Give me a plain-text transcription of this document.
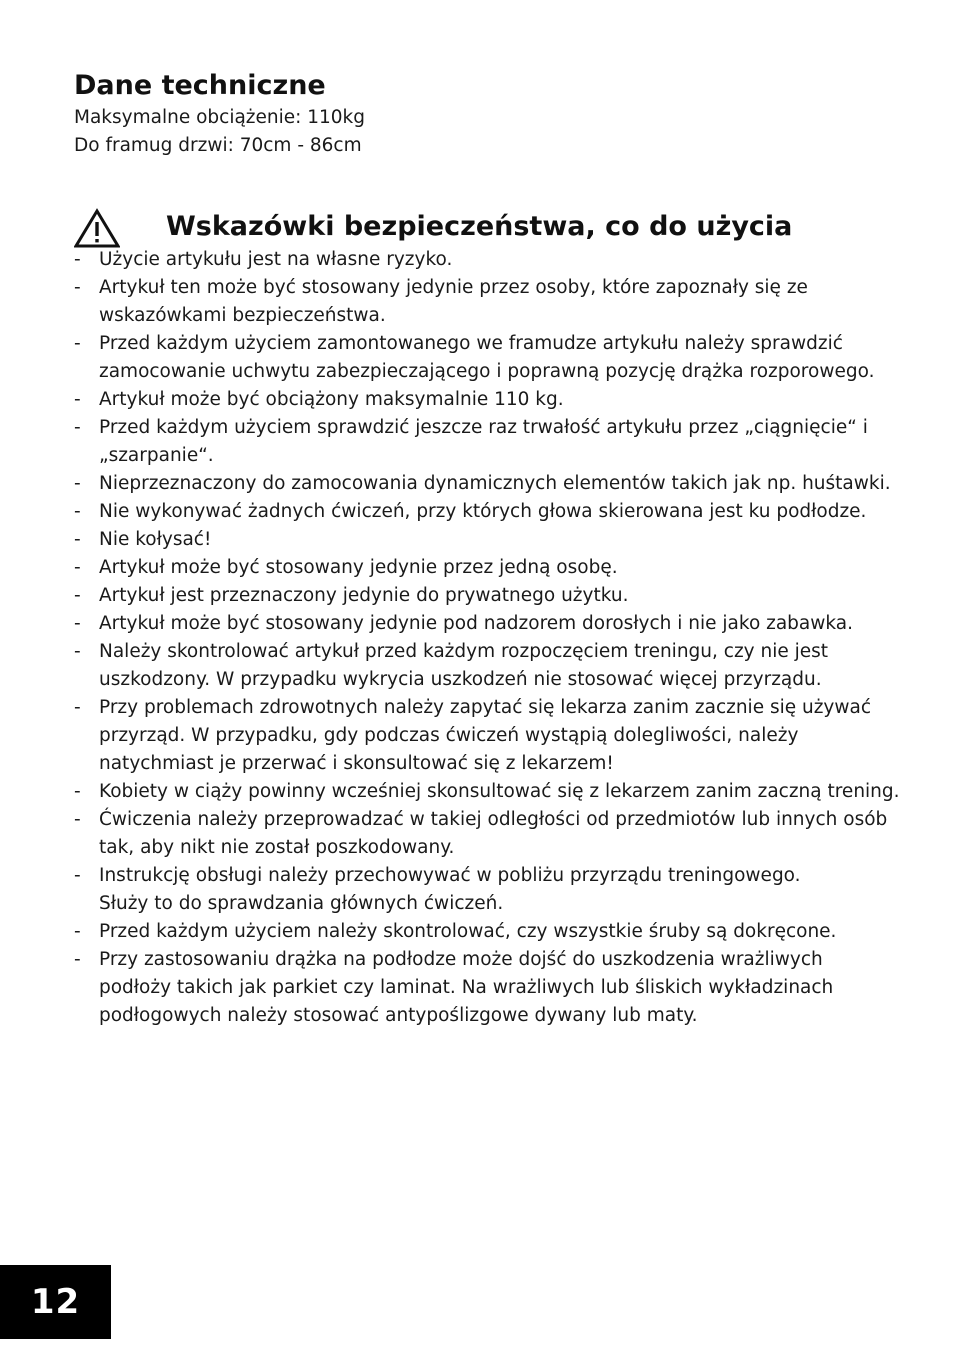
Dane techniczne
Maksymalne obciążenie: 110kg
Do framug drzwi: 70cm - 86cm
Wskazówki bezpieczeństwa, co do użycia
- Użycie artykułu jest na własne ryzyko.
- Artykuł ten może być stosowany jedynie przez osoby, które zapoznały się ze
wskazówkami bezpieczeństwa.
- Przed każdym użyciem zamontowanego we framudze artykułu należy sprawdzić
zamocowanie uchwytu zabezpieczającego i poprawną pozycję drążka rozporowego.
- Artykuł może być obciążony maksymalnie 110 kg.
- Przed każdym użyciem sprawdzić jeszcze raz trwałość artykułu przez „ciągnięcie“ i
„szarpanie“.
- Nieprzeznaczony do zamocowania dynamicznych elementów takich jak np. huśtawki.
- Nie wykonywać żadnych ćwiczeń, przy których głowa skierowana jest ku podłodze.
- Nie kołysać!
- Artykuł może być stosowany jedynie przez jedną osobę.
- Artykuł jest przeznaczony jedynie do prywatnego użytku.
- Artykuł może być stosowany jedynie pod nadzorem dorosłych i nie jako zabawka.
- Należy skontrolować artykuł przed każdym rozpoczęciem treningu, czy nie jest
uszkodzony. W przypadku wykrycia uszkodzeń nie stosować więcej przyrządu.
- Przy problemach zdrowotnych należy zapytać się lekarza zanim zacznie się używać
przyrząd. W przypadku, gdy podczas ćwiczeń wystąpią dolegliwości, należy
natychmiast je przerwać i skonsultować się z lekarzem!
- Kobiety w ciąży powinny wcześniej skonsultować się z lekarzem zanim zaczną trening.
- Ćwiczenia należy przeprowadzać w takiej odległości od przedmiotów lub innych osób
tak, aby nikt nie został poszkodowany.
- Instrukcję obsługi należy przechowywać w pobliżu przyrządu treningowego.
Służy to do sprawdzania głównych ćwiczeń.
- Przed każdym użyciem należy skontrolować, czy wszystkie śruby są dokręcone.
- Przy zastosowaniu drążka na podłodze może dojść do uszkodzenia wrażliwych
podłoży takich jak parkiet czy laminat. Na wrażliwych lub śliskich wykładzinach
podłogowych należy stosować antypoślizgowe dywany lub maty.
12
